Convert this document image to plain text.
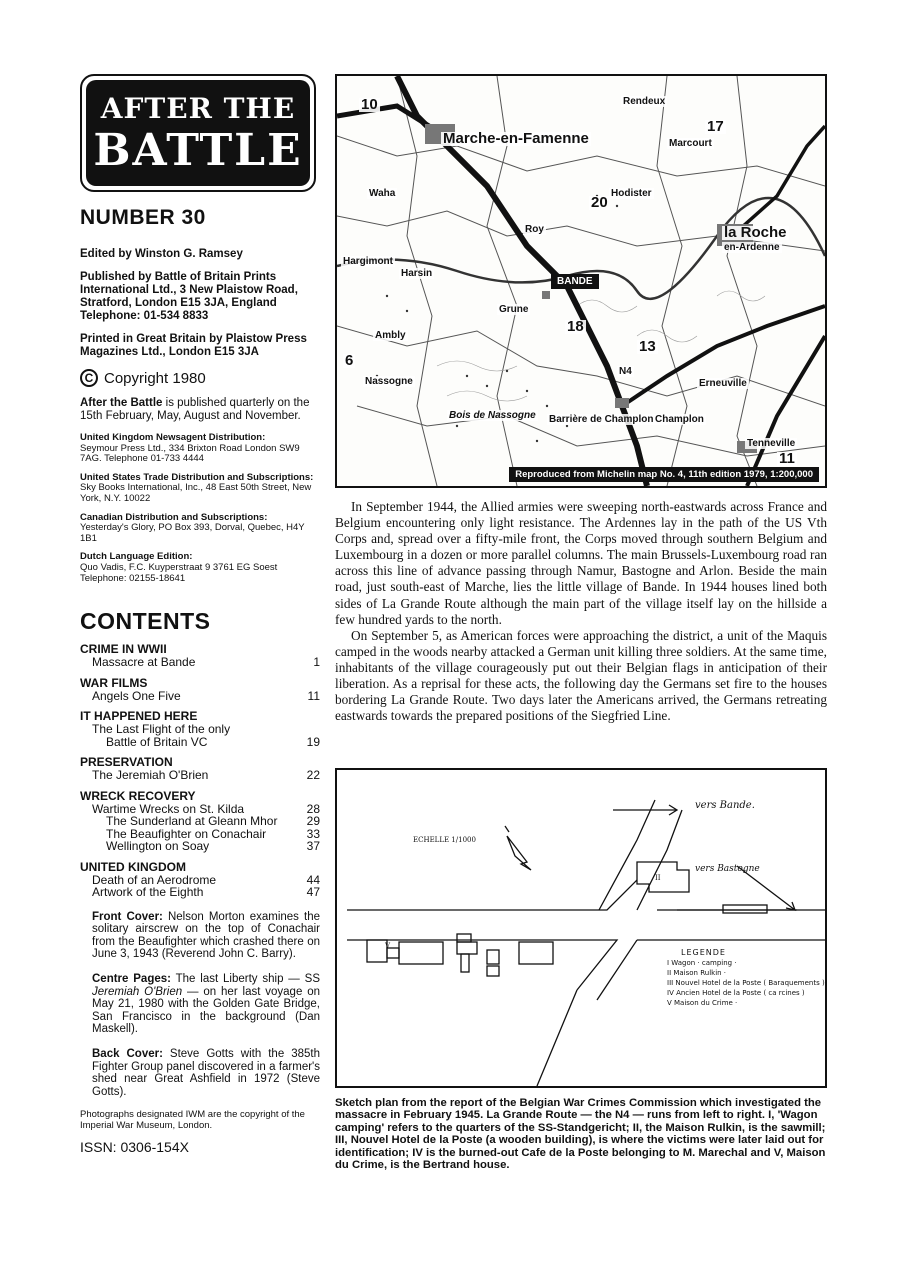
AFTER THE
BATTLE
NUMBER 30
Edited by Winston G. Ramsey
Published by Battle of Britain Prints International Ltd., 3 New Plaistow Road, Stratford, London E15 3JA, England Telephone: 01-534 8833
Printed in Great Britain by Plaistow Press Magazines Ltd., London E15 3JA
C Copyright 1980
After the Battle is published quarterly on the 15th February, May, August and November.
United Kingdom Newsagent Distribution:
Seymour Press Ltd., 334 Brixton Road London SW9 7AG. Telephone 01-733 4444
United States Trade Distribution and Subscriptions:
Sky Books International, Inc., 48 East 50th Street, New York, N.Y. 10022
Canadian Distribution and Subscriptions:
Yesterday's Glory, PO Box 393, Dorval, Quebec, H4Y 1B1
Dutch Language Edition:
Quo Vadis, F.C. Kuyperstraat 9 3761 EG Soest Telephone: 02155-18641
CONTENTS
CRIME IN WWII
Massacre at Bande	1
WAR FILMS
Angels One Five	11
IT HAPPENED HERE
The Last Flight of the only
Battle of Britain VC	19
PRESERVATION
The Jeremiah O'Brien	22
WRECK RECOVERY
Wartime Wrecks on St. Kilda	28
The Sunderland at Gleann Mhor	29
The Beaufighter on Conachair	33
Wellington on Soay	37
UNITED KINGDOM
Death of an Aerodrome	44
Artwork of the Eighth	47
Front Cover: Nelson Morton examines the solitary airscrew on the top of Conachair from the Beaufighter which crashed there on June 3, 1943 (Reverend John C. Barry).
Centre Pages: The last Liberty ship — SS Jeremiah O'Brien — on her last voyage on May 21, 1980 with the Golden Gate Bridge, San Francisco in the background (Dan Maskell).
Back Cover: Steve Gotts with the 385th Fighter Group panel discovered in a farmer's shed near Great Ashfield in 1972 (Steve Gotts).
Photographs designated IWM are the copyright of the Imperial War Museum, London.
ISSN: 0306-154X
Marche-en-Famenne
Rendeux
la Roche
en-Ardenne
Nassogne
Champlon
Barrière de Champlon
Tenneville
Waha
Grune
Roy
Hodister
Marcourt
Harsin
Erneuville
Hargimont
Ambly
Bois de Nassogne
20
18
13
10
17
11
6
N4
BANDE
Reproduced from Michelin map No. 4, 11th edition 1979, 1:200,000

In September 1944, the Allied armies were sweeping north-eastwards across France and Belgium encountering only light resistance. The Ardennes lay in the path of the US Vth Corps and, spread over a fifty-mile front, the Corps moved through southern Belgium and Luxembourg in a dozen or more parallel columns. The main Brussels-Luxembourg road ran across this line of advance passing through Namur, Bastogne and Arlon. Beside the main road, just south-east of Marche, lies the little village of Bande. In 1944 houses lined both sides of La Grande Route although the main part of the village itself lay on the hillside a few hundred yards to the north.

On September 5, as American forces were approaching the district, a unit of the Maquis camped in the woods nearby attacked a German unit killing three soldiers. At the same time, inhabitants of the village courageously put out their Belgian flags in anticipation of their liberation. As a reprisal for these acts, the following day the Germans set fire to the houses bordering La Grande Route. Two days later the Americans arrived, the Germans retreating eastwards towards the prepared positions of the Siegfried Line.

vers Bande.
vers Bastogne
ECHELLE 1/1000
II
V
LEGENDE
I Wagon · camping ·
II Maison Rulkin ·
III Nouvel Hotel de la Poste ( Baraquements )
IV Ancien Hotel de la Poste ( ca rcines )
V Maison du Crime ·
Sketch plan from the report of the Belgian War Crimes Commission which investigated the massacre in February 1945. La Grande Route — the N4 — runs from left to right. I, 'Wagon camping' refers to the quarters of the SS-Standgericht; II, the Maison Rulkin, is the sawmill; III, Nouvel Hotel de la Poste (a wooden building), is where the victims were later laid out for identification; IV is the burned-out Cafe de la Poste belonging to M. Marechal and V, Maison du Crime, is the Bertrand house.
